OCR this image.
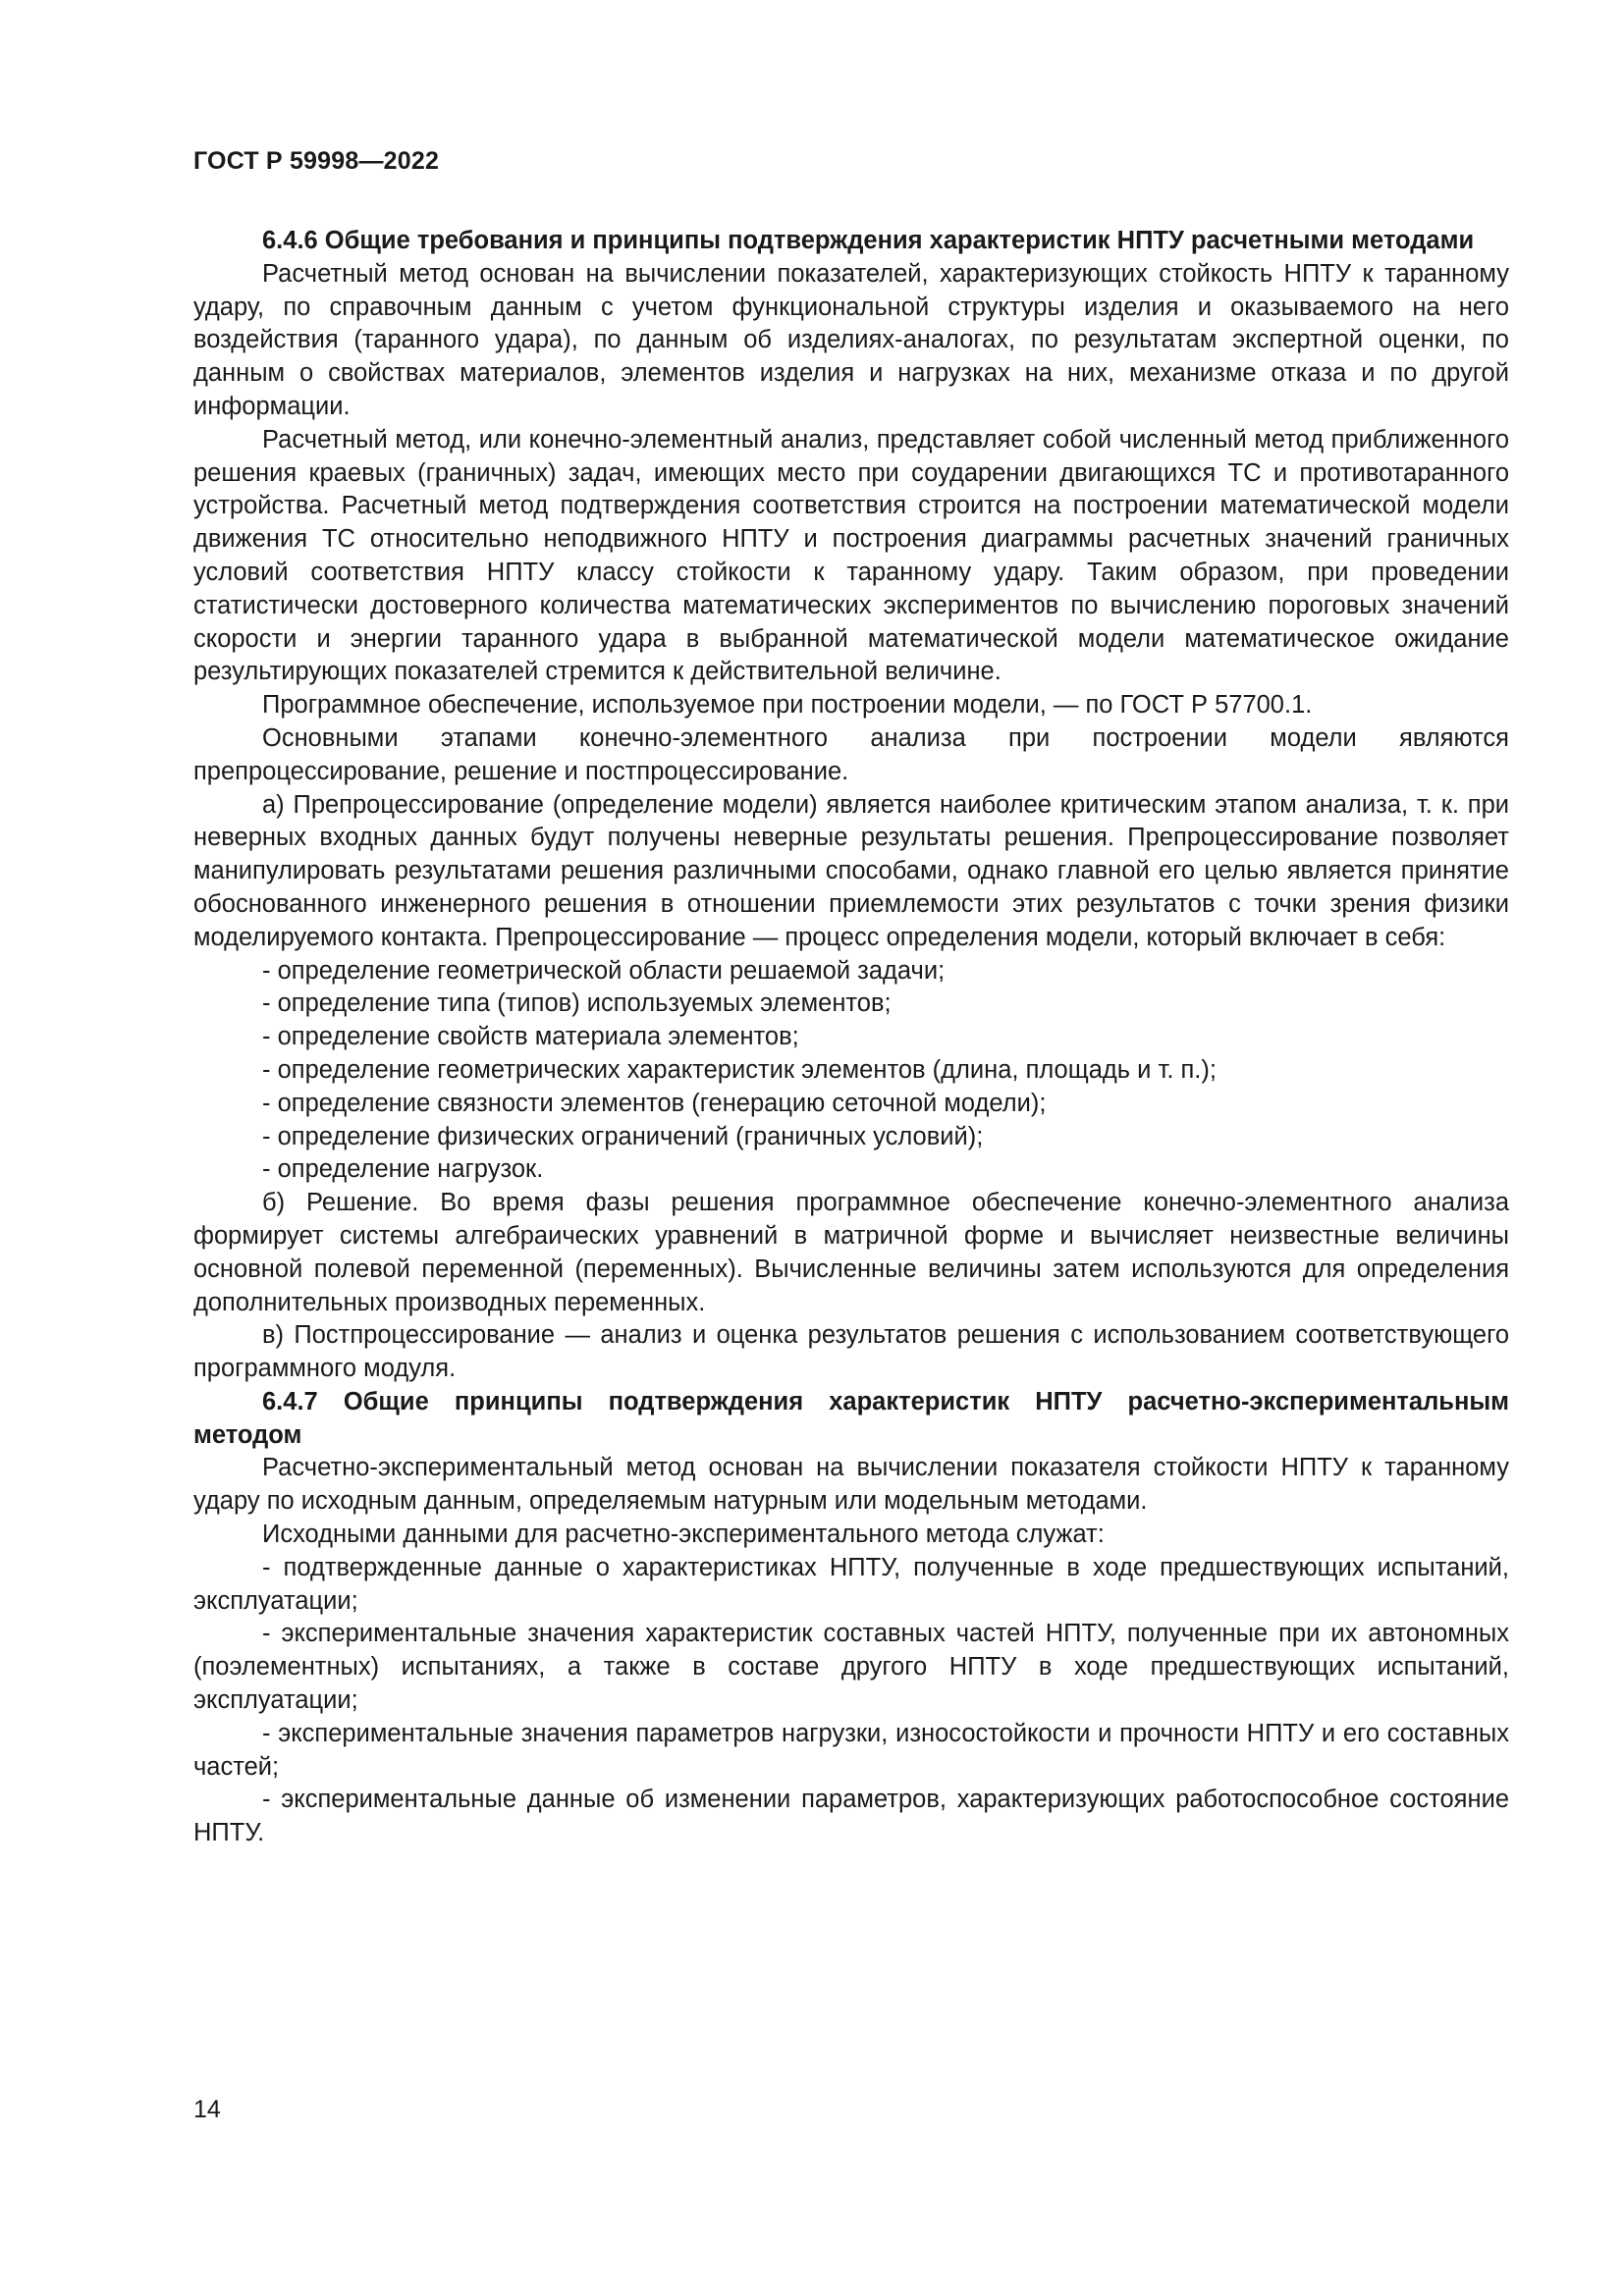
ГОСТ Р 59998—2022

6.4.6 Общие требования и принципы подтверждения характеристик НПТУ расчетными методами

Расчетный метод основан на вычислении показателей, характеризующих стойкость НПТУ к таранному удару, по справочным данным с учетом функциональной структуры изделия и оказываемого на него воздействия (таранного удара), по данным об изделиях-аналогах, по результатам экспертной оценки, по данным о свойствах материалов, элементов изделия и нагрузках на них, механизме отказа и по другой информации.

Расчетный метод, или конечно-элементный анализ, представляет собой численный метод приближенного решения краевых (граничных) задач, имеющих место при соударении двигающихся ТС и противотаранного устройства. Расчетный метод подтверждения соответствия строится на построении математической модели движения ТС относительно неподвижного НПТУ и построения диаграммы расчетных значений граничных условий соответствия НПТУ классу стойкости к таранному удару. Таким образом, при проведении статистически достоверного количества математических экспериментов по вычислению пороговых значений скорости и энергии таранного удара в выбранной математической модели математическое ожидание результирующих показателей стремится к действительной величине.

Программное обеспечение, используемое при построении модели, — по ГОСТ Р 57700.1.

Основными этапами конечно-элементного анализа при построении модели являются препроцессирование, решение и постпроцессирование.

а) Препроцессирование (определение модели) является наиболее критическим этапом анализа, т. к. при неверных входных данных будут получены неверные результаты решения. Препроцессирование позволяет манипулировать результатами решения различными способами, однако главной его целью является принятие обоснованного инженерного решения в отношении приемлемости этих результатов с точки зрения физики моделируемого контакта. Препроцессирование — процесс определения модели, который включает в себя:

- определение геометрической области решаемой задачи;

- определение типа (типов) используемых элементов;

- определение свойств материала элементов;

- определение геометрических характеристик элементов (длина, площадь и т. п.);

- определение связности элементов (генерацию сеточной модели);

- определение физических ограничений (граничных условий);

- определение нагрузок.

б) Решение. Во время фазы решения программное обеспечение конечно-элементного анализа формирует системы алгебраических уравнений в матричной форме и вычисляет неизвестные величины основной полевой переменной (переменных). Вычисленные величины затем используются для определения дополнительных производных переменных.

в) Постпроцессирование — анализ и оценка результатов решения с использованием соответствующего программного модуля.

6.4.7 Общие принципы подтверждения характеристик НПТУ расчетно-экспериментальным методом

Расчетно-экспериментальный метод основан на вычислении показателя стойкости НПТУ к таранному удару по исходным данным, определяемым натурным или модельным методами.

Исходными данными для расчетно-экспериментального метода служат:

- подтвержденные данные о характеристиках НПТУ, полученные в ходе предшествующих испытаний, эксплуатации;

- экспериментальные значения характеристик составных частей НПТУ, полученные при их автономных (поэлементных) испытаниях, а также в составе другого НПТУ в ходе предшествующих испытаний, эксплуатации;

- экспериментальные значения параметров нагрузки, износостойкости и прочности НПТУ и его составных частей;

- экспериментальные данные об изменении параметров, характеризующих работоспособное состояние НПТУ.

14
